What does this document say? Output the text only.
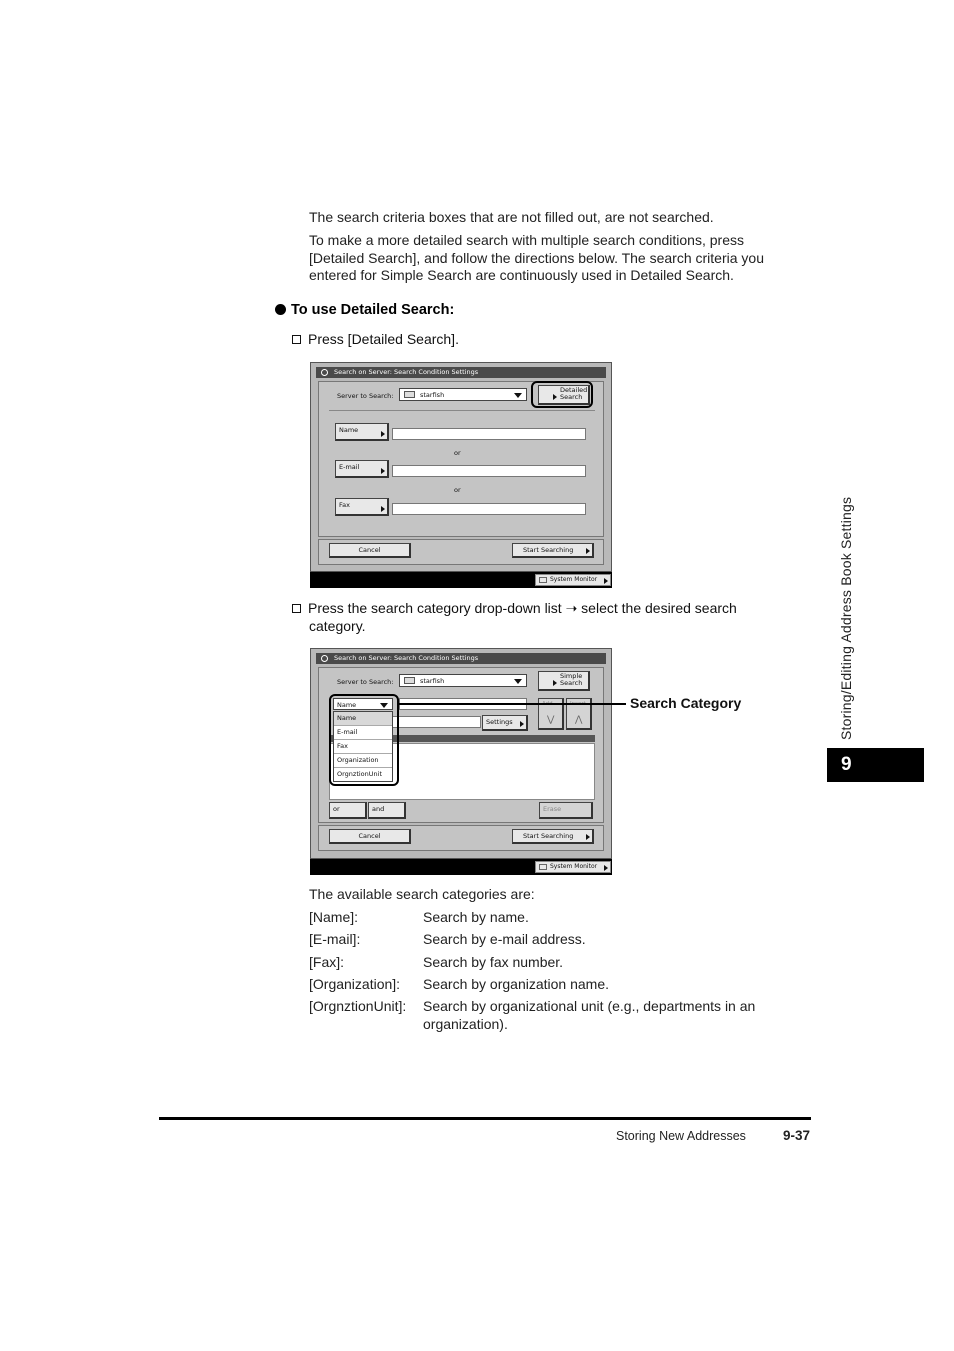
The search criteria boxes that are not filled out, are not searched.
To make a more detailed search with multiple search conditions, press
[Detailed Search], and follow the directions below. The search criteria you
entered for Simple Search are continuously used in Detailed Search.
To use Detailed Search:
Press [Detailed Search].
Search on Server: Search Condition Settings
Server to Search:	starfish
Detailed
Search
Name
or
E-mail
or
Fax
Cancel	Start Searching
System Monitor
Press the search category drop-down list ➝ select the desired search
category.
Search on Server: Search Condition Settings
Server to Search:	starfish
Simple
Search
Settings	⋁ ⋀
or	and	Erase
Cancel	Start Searching
Name
Name
E-mail
Fax
Organization
OrgnztionUnit
System Monitor
Search Category
The available search categories are:
[Name]:	Search by name.
[E-mail]:	Search by e-mail address.
[Fax]:	Search by fax number.
[Organization]: Search by organization name.
[OrgnztionUnit]: Search by organizational unit (e.g., departments in an
organization).
Storing/Editing Address Book Settings
9
Storing New Addresses	9-37
